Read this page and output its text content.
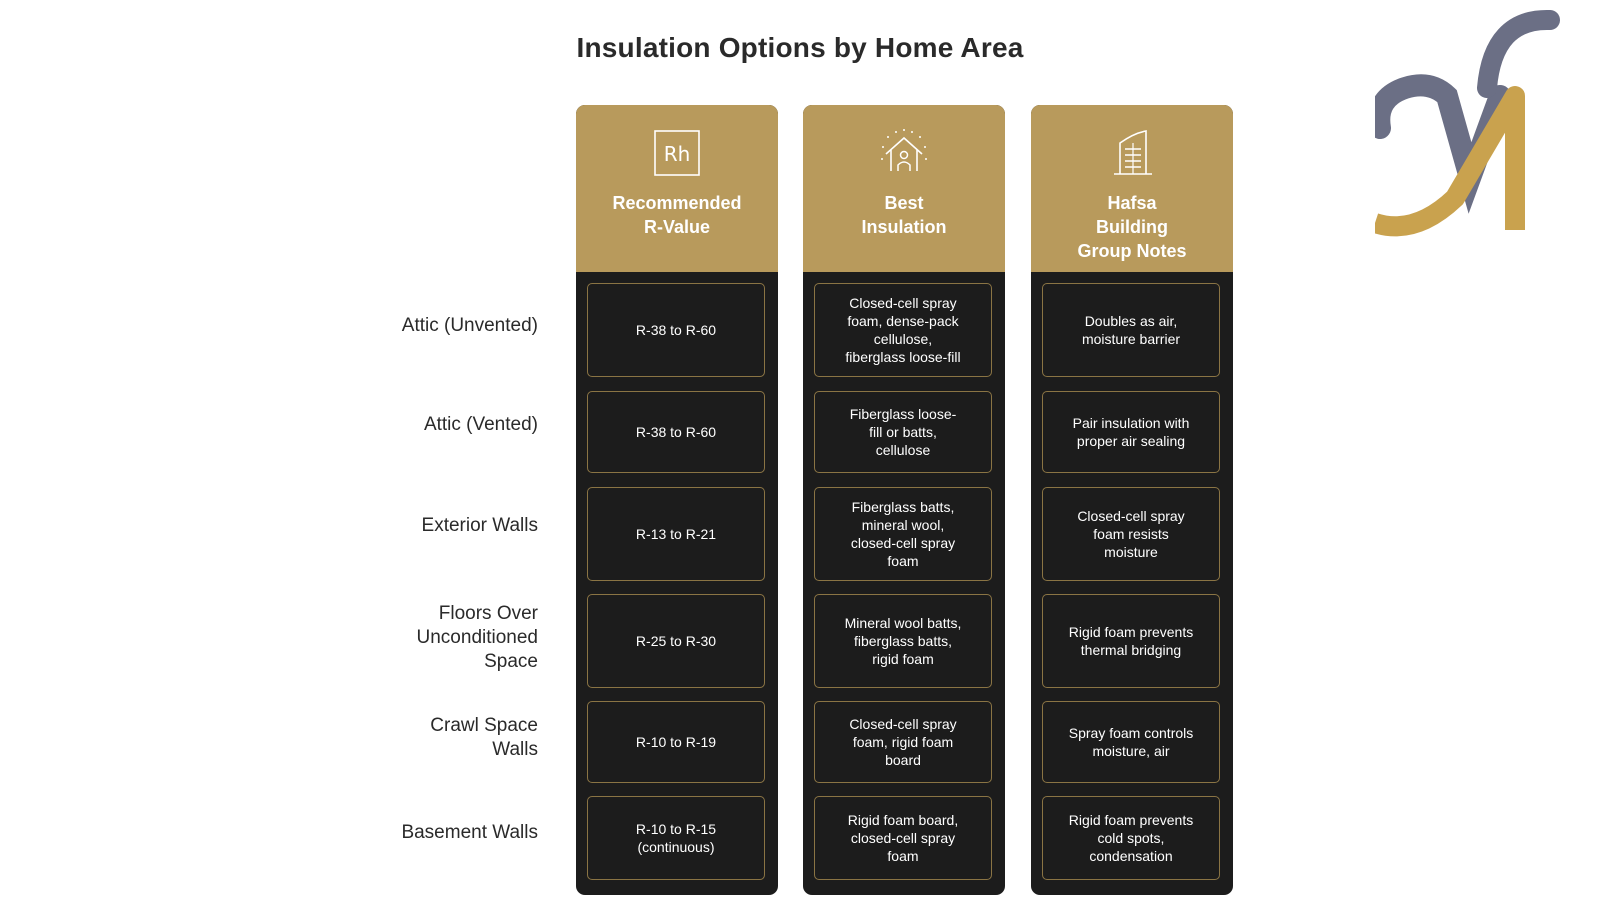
Insulation Options by Home Area
Attic (Unvented)
Attic (Vented)
Exterior Walls
Floors Over
Unconditioned
Space
Crawl Space
Walls
Basement Walls
Rh
Recommended
R-Value
R-38 to R-60
R-38 to R-60
R-13 to R-21
R-25 to R-30
R-10 to R-19
R-10 to R-15
(continuous)
Best
Insulation
Closed-cell spray
foam, dense-pack
cellulose,
fiberglass loose-fill
Fiberglass loose-
fill or batts,
cellulose
Fiberglass batts,
mineral wool,
closed-cell spray
foam
Mineral wool batts,
fiberglass batts,
rigid foam
Closed-cell spray
foam, rigid foam
board
Rigid foam board,
closed-cell spray
foam
Hafsa
Building
Group Notes
Doubles as air,
moisture barrier
Pair insulation with
proper air sealing
Closed-cell spray
foam resists
moisture
Rigid foam prevents
thermal bridging
Spray foam controls
moisture, air
Rigid foam prevents
cold spots,
condensation
